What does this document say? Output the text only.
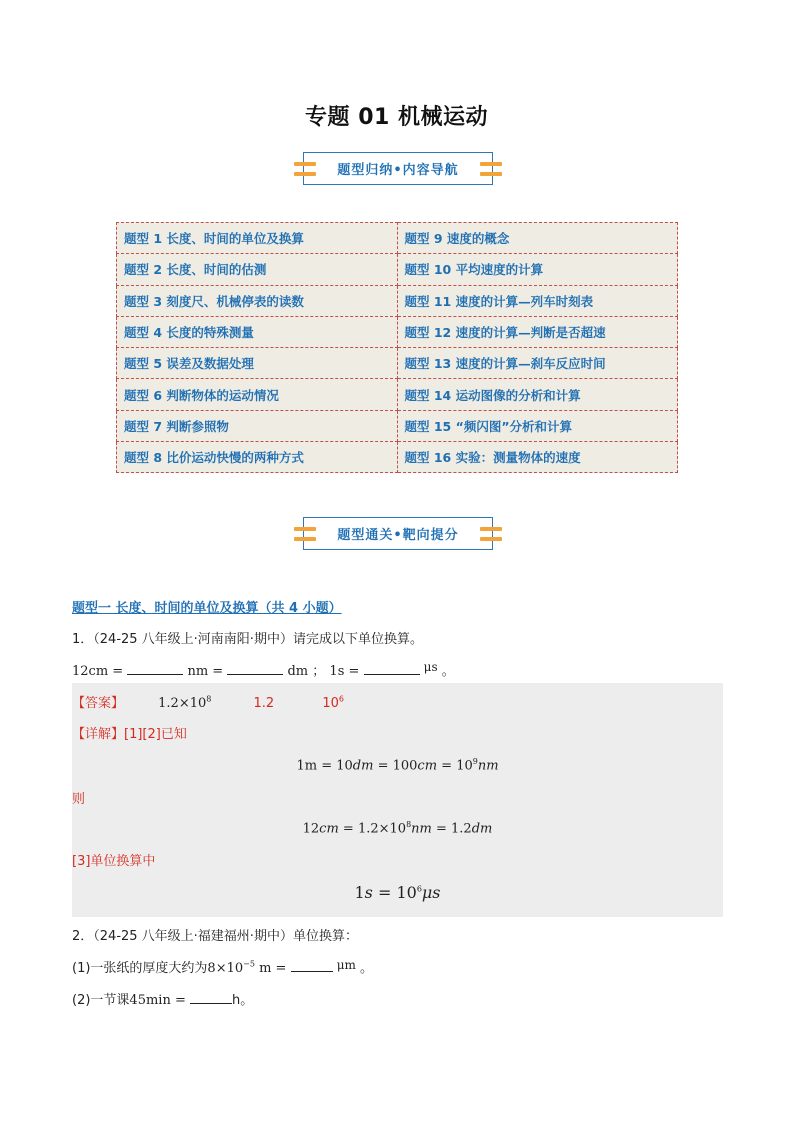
专题 01 机械运动
题型归纳•内容导航
题型 1 长度、时间的单位及换算	题型 9 速度的概念
题型 2 长度、时间的估测	题型 10 平均速度的计算
题型 3 刻度尺、机械停表的读数	题型 11 速度的计算—列车时刻表
题型 4 长度的特殊测量	题型 12 速度的计算—判断是否超速
题型 5 误差及数据处理	题型 13 速度的计算—刹车反应时间
题型 6 判断物体的运动情况	题型 14 运动图像的分析和计算
题型 7 判断参照物	题型 15 “频闪图”分析和计算
题型 8 比价运动快慢的两种方式	题型 16 实验：测量物体的速度
题型通关•靶向提分
题型一 长度、时间的单位及换算（共 4 小题）
1．（24-25 八年级上·河南南阳·期中）请完成以下单位换算。
12cm =	nm =	dm ； 1s =	μs 。
【答案】	$1.2\times 10^8$	1.2	$10^6$
【详解】[1][2]已知
$1m = 10dm = 100cm = 10^9nm$
则
$12cm = 1.2\times 10^8nm = 1.2dm$
[3]单位换算中
$1s = 10^6\mu s$
2．（24-25 八年级上·福建福州·期中）单位换算：
(1)一张纸的厚度大约为$8\times 10^{-5}$ m =	μm 。
(2)一节课45min =	h。
